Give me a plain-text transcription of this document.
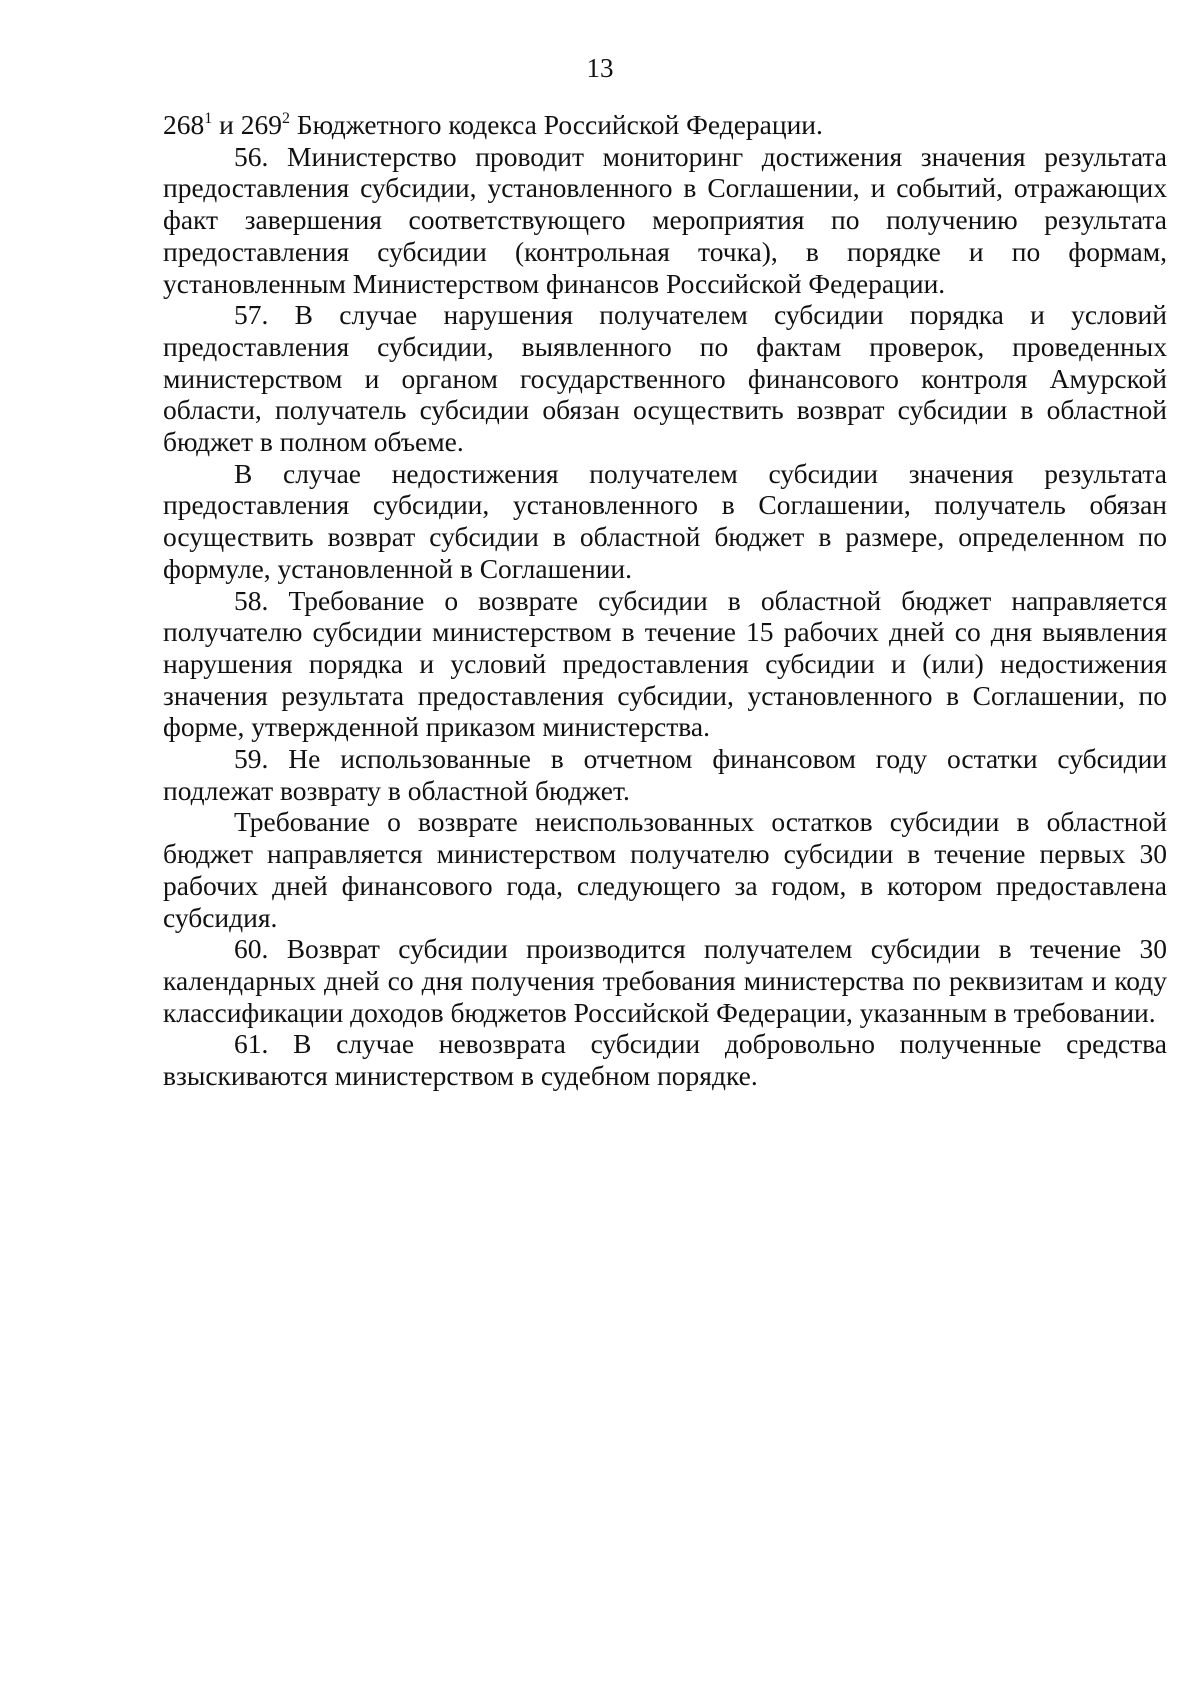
13

$268^1$ и $269^2$ Бюджетного кодекса Российской Федерации.

56. Министерство проводит мониторинг достижения значения результата предоставления субсидии, установленного в Соглашении, и событий, отражающих факт завершения соответствующего мероприятия по получению результата предоставления субсидии (контрольная точка), в порядке и по формам, установленным Министерством финансов Российской Федерации.

57. В случае нарушения получателем субсидии порядка и условий предоставления субсидии, выявленного по фактам проверок, проведенных министерством и органом государственного финансового контроля Амурской области, получатель субсидии обязан осуществить возврат субсидии в областной бюджет в полном объеме.

В случае недостижения получателем субсидии значения результата предоставления субсидии, установленного в Соглашении, получатель обязан осуществить возврат субсидии в областной бюджет в размере, определенном по формуле, установленной в Соглашении.

58. Требование о возврате субсидии в областной бюджет направляется получателю субсидии министерством в течение 15 рабочих дней со дня выявления нарушения порядка и условий предоставления субсидии и (или) недостижения значения результата предоставления субсидии, установленного в Соглашении, по форме, утвержденной приказом министерства.

59. Не использованные в отчетном финансовом году остатки субсидии подлежат возврату в областной бюджет.

Требование о возврате неиспользованных остатков субсидии в областной бюджет направляется министерством получателю субсидии в течение первых 30 рабочих дней финансового года, следующего за годом, в котором предоставлена субсидия.

60. Возврат субсидии производится получателем субсидии в течение 30 календарных дней со дня получения требования министерства по реквизитам и коду классификации доходов бюджетов Российской Федерации, указанным в требовании.

61. В случае невозврата субсидии добровольно полученные средства взыскиваются министерством в судебном порядке.
